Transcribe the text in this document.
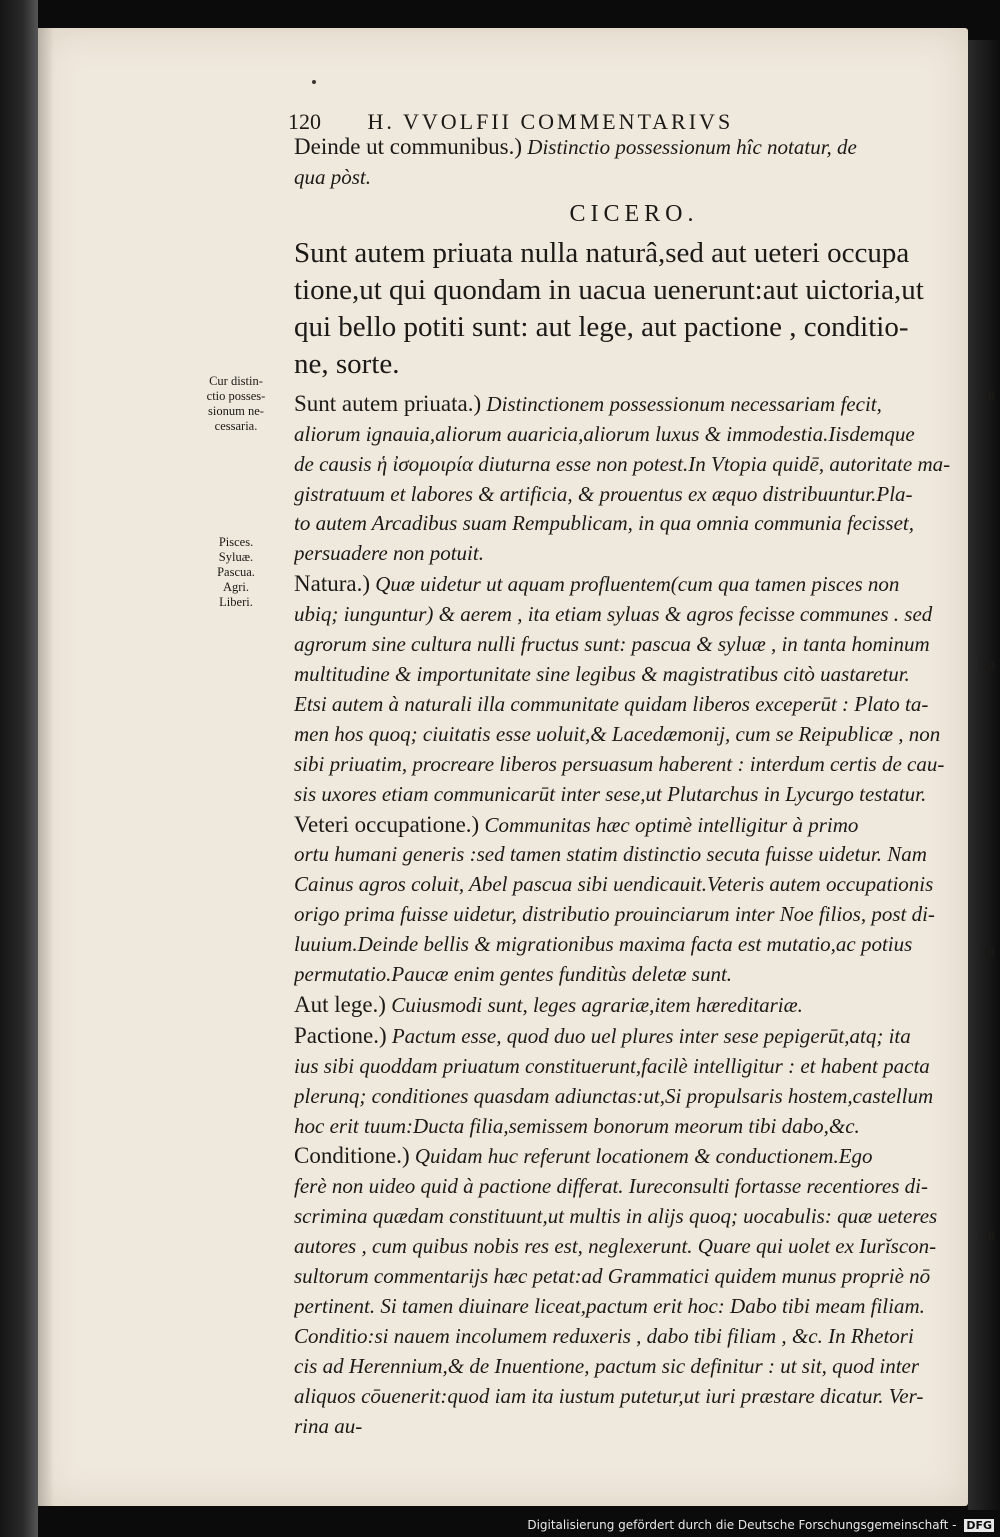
120 H. VVOLFII COMMENTARIVS
Deinde ut communibus.) Distinctio possessionum hîc notatur, de
qua pòst.
CICERO.
Sunt autem priuata nulla naturâ,sed aut ueteri occupa
tione,ut qui quondam in uacua uenerunt:aut uictoria,ut
qui bello potiti sunt: aut lege, aut pactione , conditio-
ne, sorte.
Sunt autem priuata.) Distinctionem possessionum necessariam fecit,
aliorum ignauia,aliorum auaricia,aliorum luxus & immodestia.Iisdemque
de causis ἡ ἰσομοιρία diuturna esse non potest.In Vtopia quidē, autoritate ma-
gistratuum et labores & artificia, & prouentus ex æquo distribuuntur.Pla-
to autem Arcadibus suam Rempublicam, in qua omnia communia fecisset,
persuadere non potuit.
Natura.) Quæ uidetur ut aquam profluentem(cum qua tamen pisces non
ubiq; iunguntur) & aerem , ita etiam syluas & agros fecisse communes . sed
agrorum sine cultura nulli fructus sunt: pascua & syluæ , in tanta hominum
multitudine & importunitate sine legibus & magistratibus citò uastaretur.
Etsi autem à naturali illa communitate quidam liberos exceperūt : Plato ta-
men hos quoq; ciuitatis esse uoluit,& Lacedæmonij, cum se Reipublicæ , non
sibi priuatim, procreare liberos persuasum haberent : interdum certis de cau-
sis uxores etiam communicarūt inter sese,ut Plutarchus in Lycurgo testatur.
Veteri occupatione.) Communitas hæc optimè intelligitur à primo
ortu humani generis :sed tamen statim distinctio secuta fuisse uidetur. Nam
Cainus agros coluit, Abel pascua sibi uendicauit.Veteris autem occupationis
origo prima fuisse uidetur, distributio prouinciarum inter Noe filios, post di-
luuium.Deinde bellis & migrationibus maxima facta est mutatio,ac potius
permutatio.Paucæ enim gentes funditùs deletæ sunt.
Aut lege.) Cuiusmodi sunt, leges agrariæ,item hæreditariæ.
Pactione.) Pactum esse, quod duo uel plures inter sese pepigerūt,atq; ita
ius sibi quoddam priuatum constituerunt,facilè intelligitur : et habent pacta
plerunq; conditiones quasdam adiunctas:ut,Si propulsaris hostem,castellum
hoc erit tuum:Ducta filia,semissem bonorum meorum tibi dabo,&c.
Conditione.) Quidam huc referunt locationem & conductionem.Ego
ferè non uideo quid à pactione differat. Iureconsulti fortasse recentiores di-
scrimina quædam constituunt,ut multis in alijs quoq; uocabulis: quæ ueteres
autores , cum quibus nobis res est, neglexerunt. Quare qui uolet ex Iurĭscon-
sultorum commentarijs hæc petat:ad Grammatici quidem munus propriè nō
pertinent. Si tamen diuinare liceat,pactum erit hoc: Dabo tibi meam filiam.
Conditio:si nauem incolumem reduxeris , dabo tibi filiam , &c. In Rhetori
cis ad Herennium,& de Inuentione, pactum sic definitur : ut sit, quod inter
aliquos cōuenerit:quod iam ita iustum putetur,ut iuri præstare dicatur. Ver-
rina au-
Cur distin-
ctio posses-
sionum ne-
cessaria.
Pisces.
Syluæ.
Pascua.
Agri.
Liberi.
10
20
30
40
Digitalisierung gefördert durch die Deutsche Forschungsgemeinschaft - DFG
